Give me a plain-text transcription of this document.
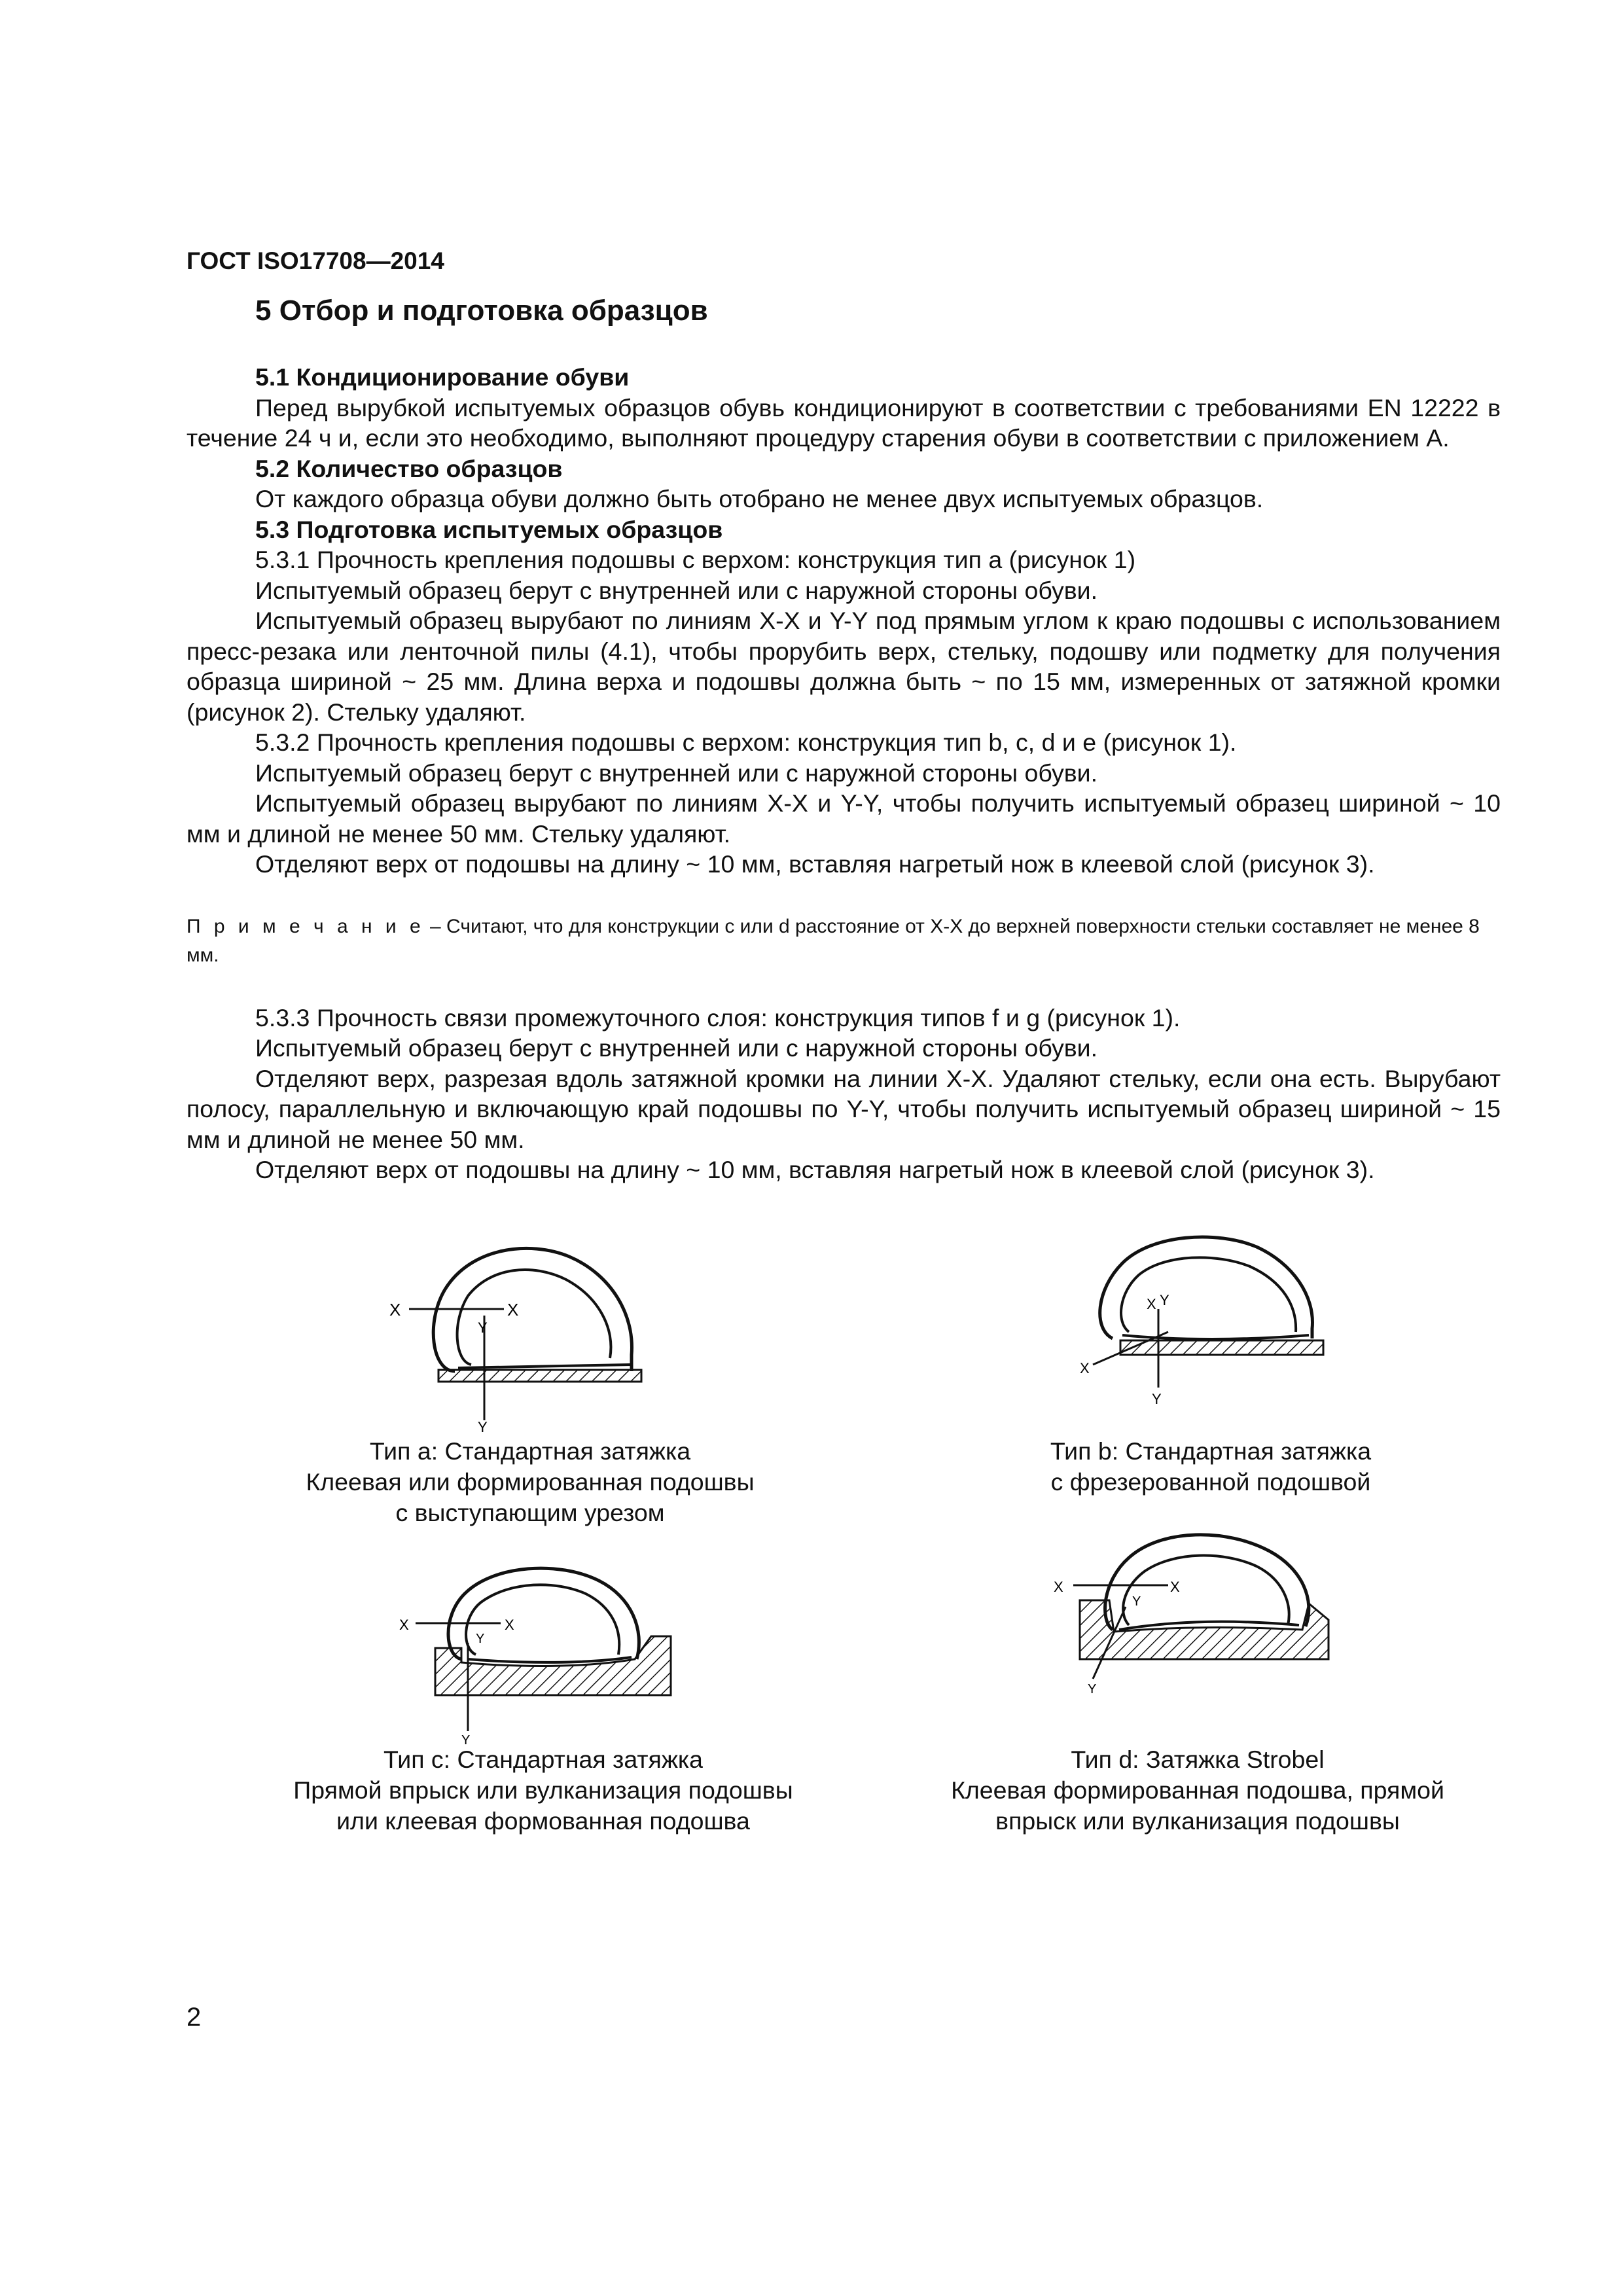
ГОСТ ISO17708—2014
5 Отбор и подготовка образцов

5.1 Кондиционирование обуви

Перед вырубкой испытуемых образцов обувь кондиционируют в соответствии с требованиями EN 12222 в течение 24 ч и, если это необходимо, выполняют процедуру старения обуви в соответствии с приложением А.

5.2 Количество образцов

От каждого образца обуви должно быть отобрано не менее двух испытуемых образцов.

5.3 Подготовка испытуемых образцов

5.3.1 Прочность крепления подошвы с верхом: конструкция тип а (рисунок 1)

Испытуемый образец берут с внутренней или с наружной стороны обуви.

Испытуемый образец вырубают по линиям Х-Х и Y-Y под прямым углом к краю подошвы с использованием пресс-резака или ленточной пилы (4.1), чтобы прорубить верх, стельку, подошву или подметку для получения образца шириной ~ 25 мм. Длина верха и подошвы должна быть ~ по 15 мм, измеренных от затяжной кромки (рисунок 2). Стельку удаляют.

5.3.2 Прочность крепления подошвы с верхом: конструкция тип b, с, d и е (рисунок 1).

Испытуемый образец берут с внутренней или с наружной стороны обуви.

Испытуемый образец вырубают по линиям Х-Х и Y-Y, чтобы получить испытуемый образец шириной ~ 10 мм и длиной не менее 50 мм. Стельку удаляют.

Отделяют верх от подошвы на длину ~ 10 мм, вставляя нагретый нож в клеевой слой (рисунок 3).

П р и м е ч а н и е – Считают, что для конструкции с или d расстояние от Х-Х до верхней поверхности стельки составляет не менее 8 мм.

5.3.3 Прочность связи промежуточного слоя: конструкция типов f и g (рисунок 1).

Испытуемый образец берут с внутренней или с наружной стороны обуви.

Отделяют верх, разрезая вдоль затяжной кромки на линии Х-Х. Удаляют стельку, если она есть. Вырубают полосу, параллельную и включающую край подошвы по Y-Y, чтобы получить испытуемый образец шириной ~ 15 мм и длиной не менее 50 мм.

Отделяют верх от подошвы на длину ~ 10 мм, вставляя нагретый нож в клеевой слой (рисунок 3).

X	X
Y
Y
Тип а: Стандартная затяжка
Клеевая или формированная подошвы
с выступающим урезом
X
X Y
Y
Тип b: Стандартная затяжка
с фрезерованной подошвой
X	X
Y
Y
Тип с: Стандартная затяжка
Прямой впрыск или вулканизация подошвы
или клеевая формованная подошва
X	X
Y
Y
Тип d: Затяжка Strobel
Клеевая формированная подошва, прямой
впрыск или вулканизация подошвы
2
